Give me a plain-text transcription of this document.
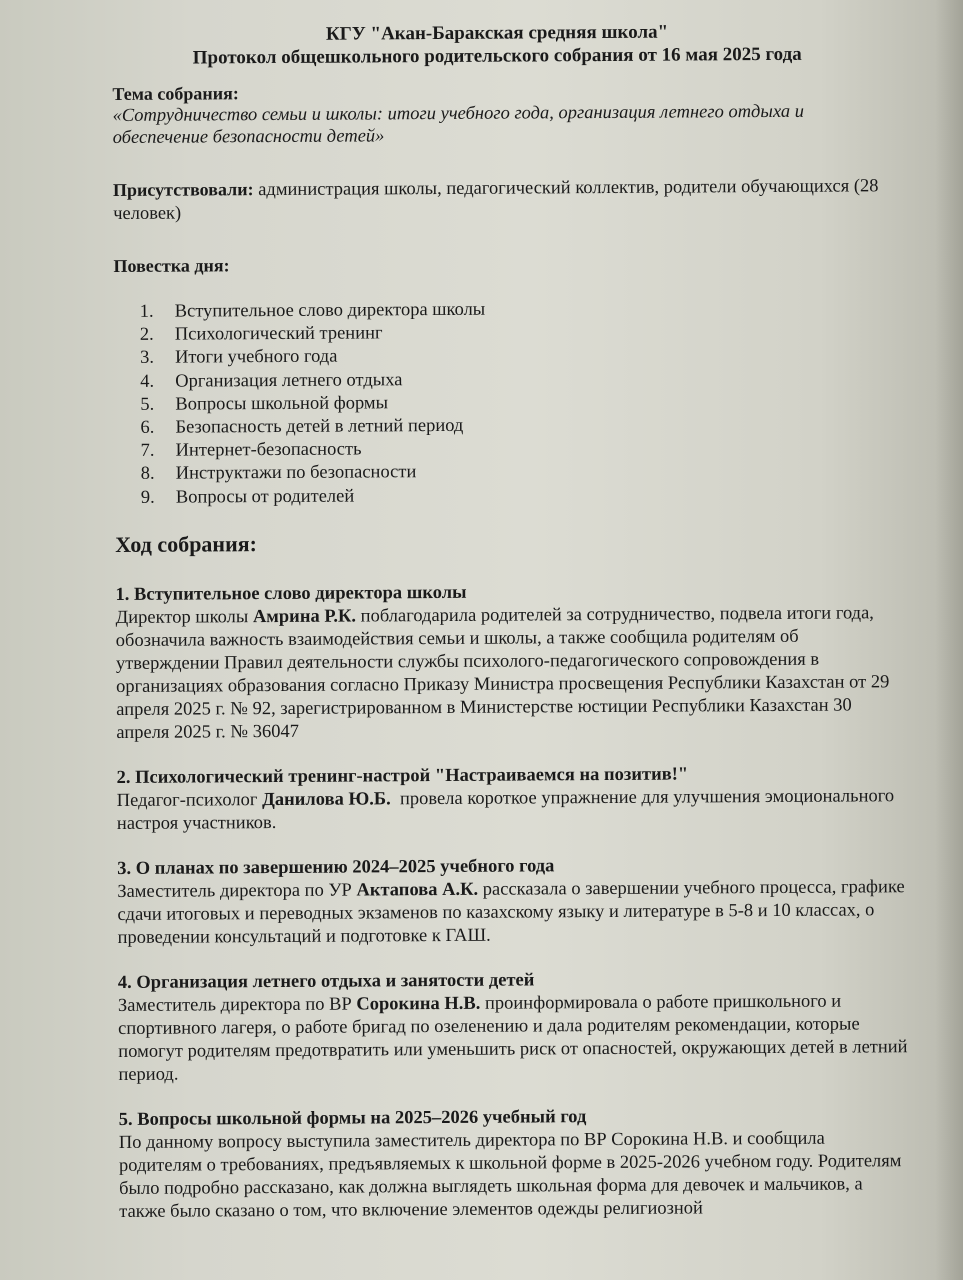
КГУ "Акан-Баракская средняя школа"
Протокол общешкольного родительского собрания от 16 мая 2025 года
Тема собрания:
«Сотрудничество семьи и школы: итоги учебного года, организация летнего отдыха и обеспечение безопасности детей»
Присутствовали: администрация школы, педагогический коллектив, родители обучающихся (28 человек)
Повестка дня:
1.	Вступительное слово директора школы
2.	Психологический тренинг
3.	Итоги учебного года
4.	Организация летнего отдыха
5.	Вопросы школьной формы
6.	Безопасность детей в летний период
7.	Интернет-безопасность
8.	Инструктажи по безопасности
9.	Вопросы от родителей
Ход собрания:
1. Вступительное слово директора школы
Директор школы Амрина Р.К. поблагодарила родителей за сотрудничество, подвела итоги года, обозначила важность взаимодействия семьи и школы, а также сообщила родителям об утверждении Правил деятельности службы психолого-педагогического сопровождения в организациях образования согласно Приказу Министра просвещения Республики Казахстан от 29 апреля 2025 г. № 92, зарегистрированном в Министерстве юстиции Республики Казахстан 30 апреля 2025 г. № 36047
2. Психологический тренинг-настрой "Настраиваемся на позитив!"
Педагог-психолог Данилова Ю.Б.  провела короткое упражнение для улучшения эмоционального настроя участников.
3. О планах по завершению 2024–2025 учебного года
Заместитель директора по УР Актапова А.К. рассказала о завершении учебного процесса, графике сдачи итоговых и переводных экзаменов по казахскому языку и литературе в 5-8 и 10 классах, о проведении консультаций и подготовке к ГАШ.
4. Организация летнего отдыха и занятости детей
Заместитель директора по ВР Сорокина Н.В. проинформировала о работе пришкольного и спортивного лагеря, о работе бригад по озеленению и дала родителям рекомендации, которые помогут родителям предотвратить или уменьшить риск от опасностей, окружающих детей в летний период.
5. Вопросы школьной формы на 2025–2026 учебный год
По данному вопросу выступила заместитель директора по ВР Сорокина Н.В. и сообщила родителям о требованиях, предъявляемых к школьной форме в 2025-2026 учебном году. Родителям было подробно рассказано, как должна выглядеть школьная форма для девочек и мальчиков, а также было сказано о том, что включение элементов одежды религиозной
